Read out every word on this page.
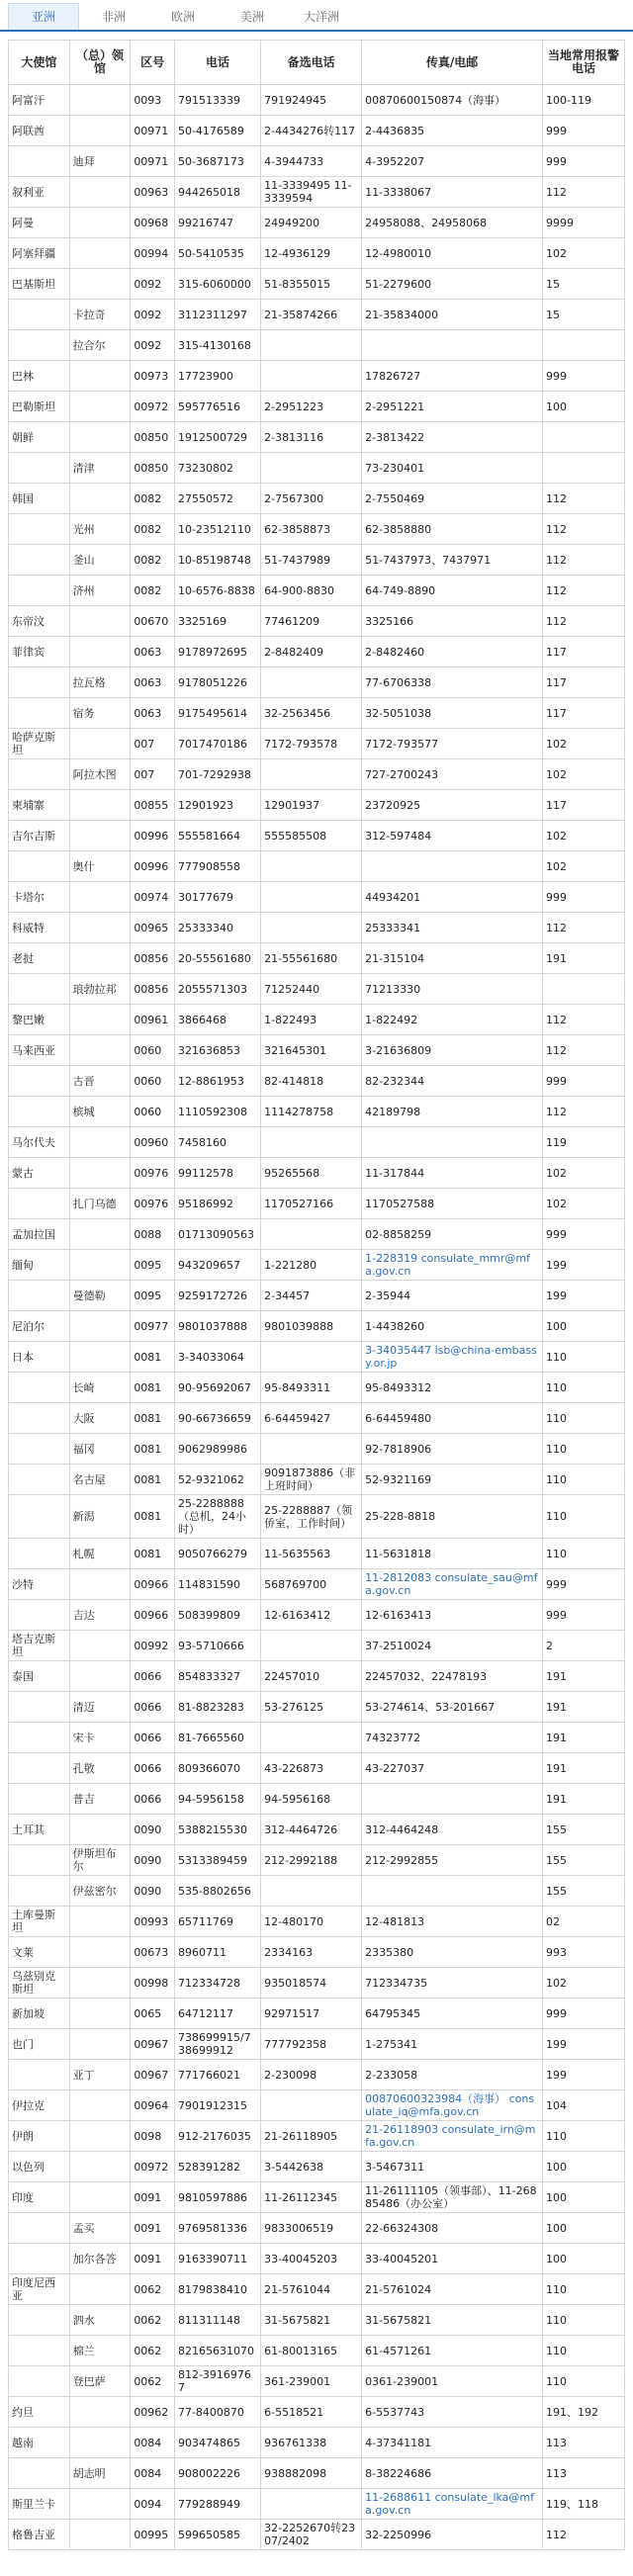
亚洲	非洲	欧洲	美洲	大洋洲
大使馆	（总）领馆	区号	电话	备选电话	传真/电邮	当地常用报警电话
阿富汗		0093	791513339	791924945	00870600150874（海事）	100-119
阿联酋		00971	50-4176589	2-4434276转117	2-4436835	999
	迪拜	00971	50-3687173	4-3944733	4-3952207	999
叙利亚		00963	944265018	11-3339495 11-3339594	11-3338067	112
阿曼		00968	99216747	24949200	24958088、24958068	9999
阿塞拜疆		00994	50-5410535	12-4936129	12-4980010	102
巴基斯坦		0092	315-6060000	51-8355015	51-2279600	15
	卡拉奇	0092	3112311297	21-35874266	21-35834000	15
	拉合尔	0092	315-4130168			
巴林		00973	17723900		17826727	999
巴勒斯坦		00972	595776516	2-2951223	2-2951221	100
朝鲜		00850	1912500729	2-3813116	2-3813422	
	清津	00850	73230802		73-230401	
韩国		0082	27550572	2-7567300	2-7550469	112
	光州	0082	10-23512110	62-3858873	62-3858880	112
	釜山	0082	10-85198748	51-7437989	51-7437973、7437971	112
	济州	0082	10-6576-8838	64-900-8830	64-749-8890	112
东帝汶		00670	3325169	77461209	3325166	112
菲律宾		0063	9178972695	2-8482409	2-8482460	117
	拉瓦格	0063	9178051226		77-6706338	117
	宿务	0063	9175495614	32-2563456	32-5051038	117
哈萨克斯坦		007	7017470186	7172-793578	7172-793577	102
	阿拉木图	007	701-7292938		727-2700243	102
柬埔寨		00855	12901923	12901937	23720925	117
吉尔吉斯		00996	555581664	555585508	312-597484	102
	奥什	00996	777908558			102
卡塔尔		00974	30177679		44934201	999
科威特		00965	25333340		25333341	112
老挝		00856	20-55561680	21-55561680	21-315104	191
	琅勃拉邦	00856	2055571303	71252440	71213330	
黎巴嫩		00961	3866468	1-822493	1-822492	112
马来西亚		0060	321636853	321645301	3-21636809	112
	古晋	0060	12-8861953	82-414818	82-232344	999
	槟城	0060	1110592308	1114278758	42189798	112
马尔代夫		00960	7458160			119
蒙古		00976	99112578	95265568	11-317844	102
	扎门乌德	00976	95186992	1170527166	1170527588	102
孟加拉国		0088	01713090563		02-8858259	999
缅甸		0095	943209657	1-221280	1-228319 consulate_mmr@mfa.gov.cn	199
	曼德勒	0095	9259172726	2-34457	2-35944	199
尼泊尔		00977	9801037888	9801039888	1-4438260	100
日本		0081	3-34033064		3-34035447 lsb@china-embassy.or.jp	110
	长崎	0081	90-95692067	95-8493311	95-8493312	110
	大阪	0081	90-66736659	6-64459427	6-64459480	110
	福冈	0081	9062989986		92-7818906	110
	名古屋	0081	52-9321062	9091873886（非上班时间）	52-9321169	110
	新潟	0081	25-2288888（总机，24小时）	25-2288887（领侨室，工作时间）	25-228-8818	110
	札幌	0081	9050766279	11-5635563	11-5631818	110
沙特		00966	114831590	568769700	11-2812083 consulate_sau@mfa.gov.cn	999
	吉达	00966	508399809	12-6163412	12-6163413	999
塔吉克斯坦		00992	93-5710666		37-2510024	2
泰国		0066	854833327	22457010	22457032、22478193	191
	清迈	0066	81-8823283	53-276125	53-274614、53-201667	191
	宋卡	0066	81-7665560		74323772	191
	孔敬	0066	809366070	43-226873	43-227037	191
	普吉	0066	94-5956158	94-5956168		191
土耳其		0090	5388215530	312-4464726	312-4464248	155
	伊斯坦布尔	0090	5313389459	212-2992188	212-2992855	155
	伊兹密尔	0090	535-8802656			155
土库曼斯坦		00993	65711769	12-480170	12-481813	02
文莱		00673	8960711	2334163	2335380	993
乌兹别克斯坦		00998	712334728	935018574	712334735	102
新加坡		0065	64712117	92971517	64795345	999
也门		00967	738699915/738699912	777792358	1-275341	199
	亚丁	00967	771766021	2-230098	2-233058	199
伊拉克		00964	7901912315		00870600323984（海事） consulate_iq@mfa.gov.cn	104
伊朗		0098	912-2176035	21-26118905	21-26118903 consulate_irn@mfa.gov.cn	110
以色列		00972	528391282	3-5442638	3-5467311	100
印度		0091	9810597886	11-26112345	11-26111105（领事部）、11-26885486（办公室）	100
	孟买	0091	9769581336	9833006519	22-66324308	100
	加尔各答	0091	9163390711	33-40045203	33-40045201	100
印度尼西亚		0062	8179838410	21-5761044	21-5761024	110
	泗水	0062	811311148	31-5675821	31-5675821	110
	棉兰	0062	82165631070	61-80013165	61-4571261	110
	登巴萨	0062	812-39169767	361-239001	0361-239001	110
约旦		00962	77-8400870	6-5518521	6-5537743	191、192
越南		0084	903474865	936761338	4-37341181	113
	胡志明	0084	908002226	938882098	8-38224686	113
斯里兰卡		0094	779288949		11-2688611 consulate_lka@mfa.gov.cn	119、118
格鲁吉亚		00995	599650585	32-2252670转2307/2402	32-2250996	112
